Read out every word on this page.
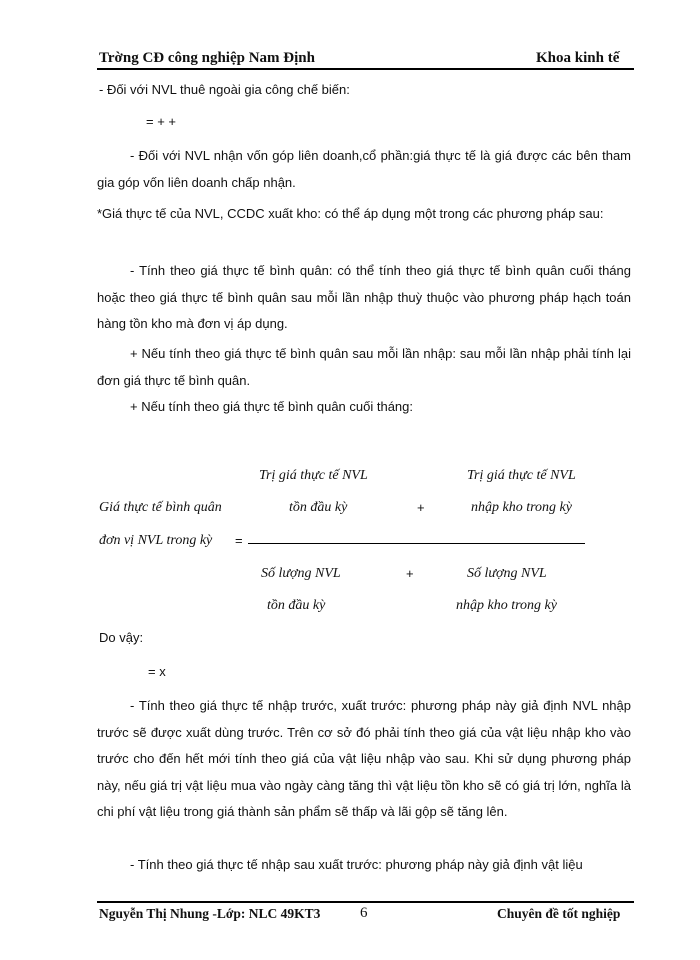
Trờng CĐ công nghiệp Nam Định	Khoa kinh tế
- Đối với NVL thuê ngoài gia công chế biến:
= + +
- Đối với NVL nhận vốn góp liên doanh,cổ phần:giá thực tế là giá được các bên tham gia góp vốn liên doanh chấp nhận.
*Giá thực tế của NVL, CCDC xuất kho: có thể áp dụng một trong các phương pháp sau:
- Tính theo giá thực tế bình quân: có thể tính theo giá thực tế bình quân cuối tháng hoặc theo giá thực tế bình quân sau mỗi lần nhập thuỳ thuộc vào phương pháp hạch toán hàng tồn kho mà đơn vị áp dụng.
+ Nếu tính theo giá thực tế bình quân sau mỗi lần nhập: sau mỗi lần nhập phải tính lại đơn giá thực tế bình quân.
+ Nếu tính theo giá thực tế bình quân cuối tháng:
Trị giá thực tế NVL
tồn đầu kỳ	+
Trị giá thực tế NVL
nhập kho trong kỳ
Giá thực tế bình quân
đơn vị NVL trong kỳ =
Số lượng NVL
tồn đầu kỳ
+	Số lượng NVL
nhập kho trong kỳ
Do vậy:
= x
- Tính theo giá thực tế nhập trước, xuất trước: phương pháp này giả định NVL nhập trước sẽ được xuất dùng trước. Trên cơ sở đó phải tính theo giá của vật liệu nhập kho vào trước cho đến hết mới tính theo giá của vật liệu nhập vào sau. Khi sử dụng phương pháp này, nếu giá trị vật liệu mua vào ngày càng tăng thì vật liệu tồn kho sẽ có giá trị lớn, nghĩa là chi phí vật liệu trong giá thành sản phẩm sẽ thấp và lãi gộp sẽ tăng lên.
- Tính theo giá thực tế nhập sau xuất trước: phương pháp này giả định vật liệu
Nguyễn Thị Nhung -Lớp: NLC 49KT3	6	Chuyên đề tốt nghiệp
